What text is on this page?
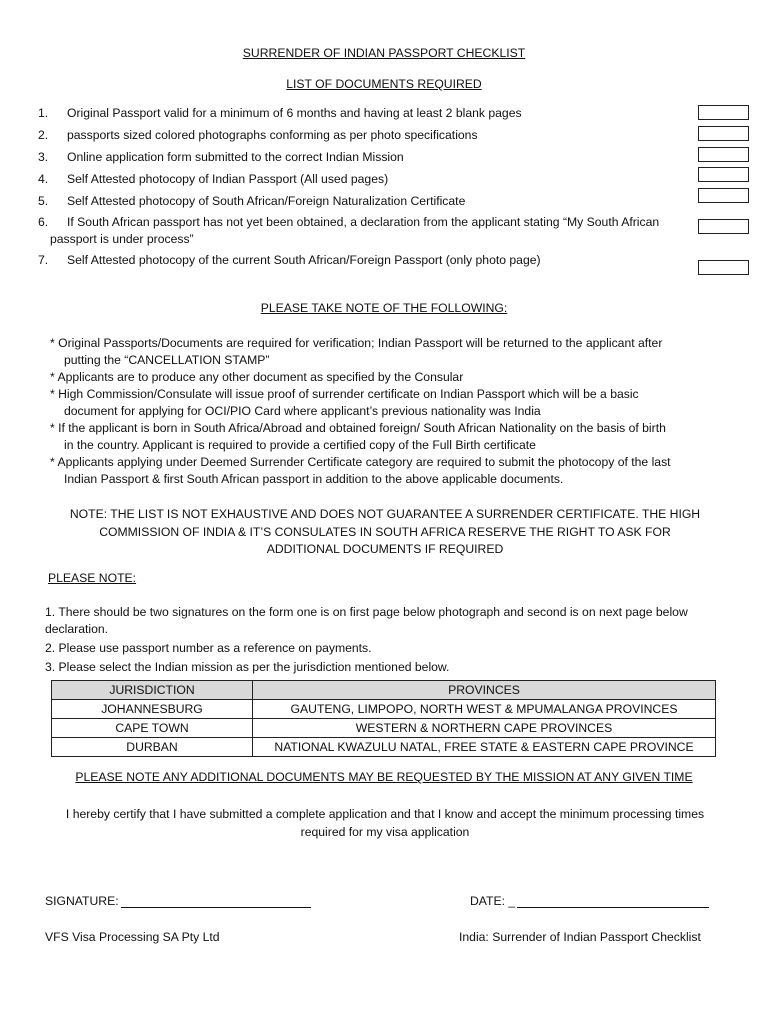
SURRENDER OF INDIAN PASSPORT CHECKLIST
LIST OF DOCUMENTS REQUIRED
1.	Original Passport valid for a minimum of 6 months and having at least 2 blank pages
2.	passports sized colored photographs conforming as per photo specifications
3.	Online application form submitted to the correct Indian Mission
4.	Self Attested photocopy of Indian Passport (All used pages)
5.	Self Attested photocopy of South African/Foreign Naturalization Certificate
6.	If South African passport has not yet been obtained, a declaration from the applicant stating “My South African
passport is under process”
7.	Self Attested photocopy of the current South African/Foreign Passport (only photo page)
PLEASE TAKE NOTE OF THE FOLLOWING:
* Original Passports/Documents are required for verification; Indian Passport will be returned to the applicant after
putting the “CANCELLATION STAMP”
* Applicants are to produce any other document as specified by the Consular
* High Commission/Consulate will issue proof of surrender certificate on Indian Passport which will be a basic
document for applying for OCI/PIO Card where applicant’s previous nationality was India
* If the applicant is born in South Africa/Abroad and obtained foreign/ South African Nationality on the basis of birth
in the country. Applicant is required to provide a certified copy of the Full Birth certificate
* Applicants applying under Deemed Surrender Certificate category are required to submit the photocopy of the last
Indian Passport & first South African passport in addition to the above applicable documents.
NOTE: THE LIST IS NOT EXHAUSTIVE AND DOES NOT GUARANTEE A SURRENDER CERTIFICATE. THE HIGH
COMMISSION OF INDIA & IT’S CONSULATES IN SOUTH AFRICA RESERVE THE RIGHT TO ASK FOR
ADDITIONAL DOCUMENTS IF REQUIRED
PLEASE NOTE:
1. There should be two signatures on the form one is on first page below photograph and second is on next page below declaration.
2. Please use passport number as a reference on payments.
3. Please select the Indian mission as per the jurisdiction mentioned below.
JURISDICTION	PROVINCES
JOHANNESBURG	GAUTENG, LIMPOPO, NORTH WEST & MPUMALANGA PROVINCES
CAPE TOWN	WESTERN & NORTHERN CAPE PROVINCES
DURBAN	NATIONAL KWAZULU NATAL, FREE STATE & EASTERN CAPE PROVINCE
PLEASE NOTE ANY ADDITIONAL DOCUMENTS MAY BE REQUESTED BY THE MISSION AT ANY GIVEN TIME
I hereby certify that I have submitted a complete application and that I know and accept the minimum processing times
required for my visa application
SIGNATURE:	DATE: _
VFS Visa Processing SA Pty Ltd	India: Surrender of Indian Passport Checklist
